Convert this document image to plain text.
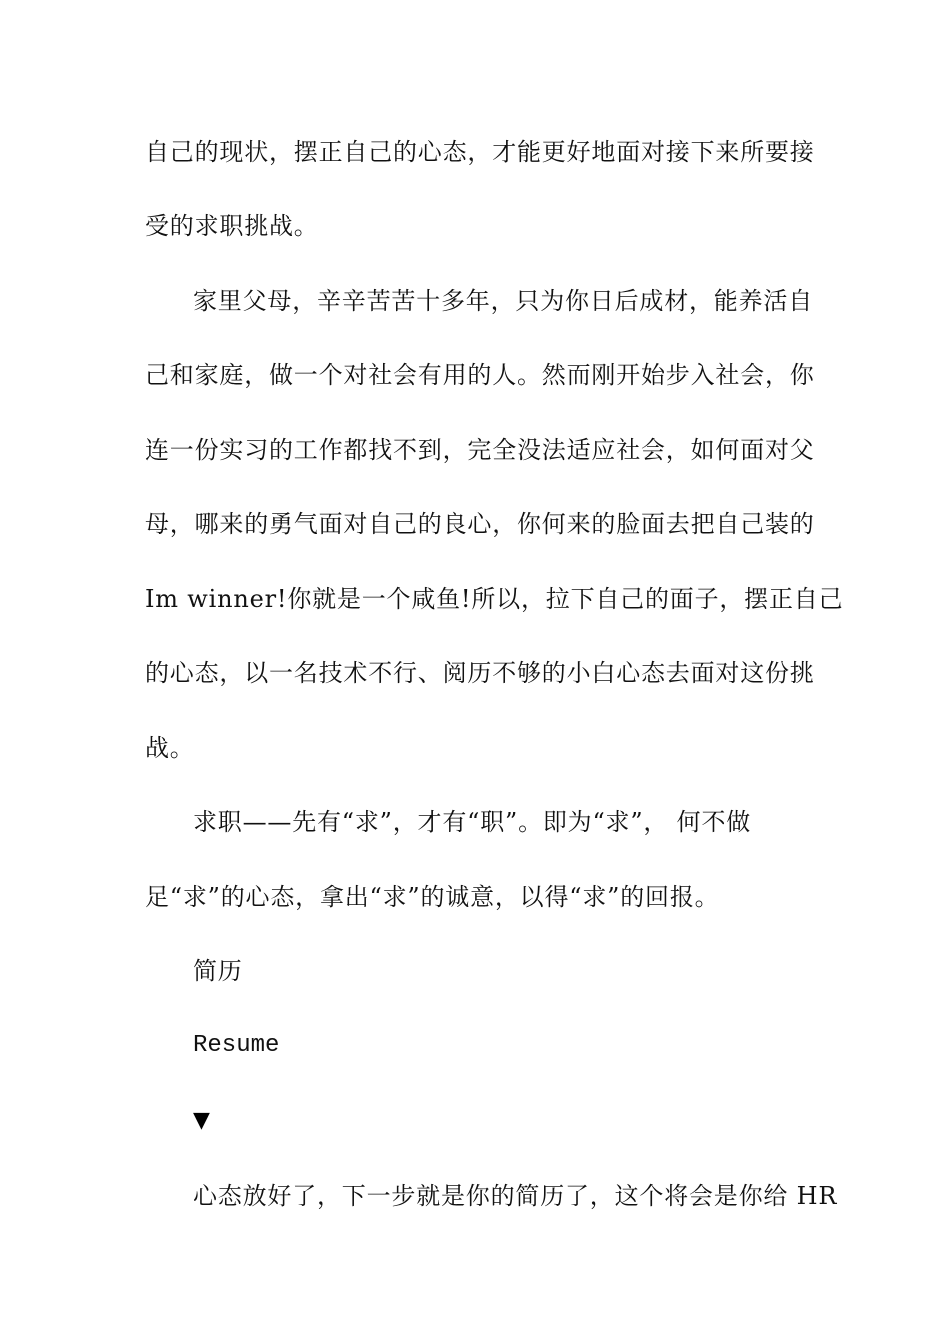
自己的现状，摆正自己的心态，才能更好地面对接下来所要接
受的求职挑战。
家里父母，辛辛苦苦十多年，只为你日后成材，能养活自
己和家庭，做一个对社会有用的人。然而刚开始步入社会，你
连一份实习的工作都找不到，完全没法适应社会，如何面对父
母，哪来的勇气面对自己的良心，你何来的脸面去把自己装的
Im winner!你就是一个咸鱼!所以，拉下自己的面子，摆正自己
的心态，以一名技术不行、阅历不够的小白心态去面对这份挑
战。
求职——先有“求”，才有“职”。即为“求”， 何不做
足“求”的心态，拿出“求”的诚意，以得“求”的回报。
简历
Resume
▼
心态放好了，下一步就是你的简历了，这个将会是你给 HR
